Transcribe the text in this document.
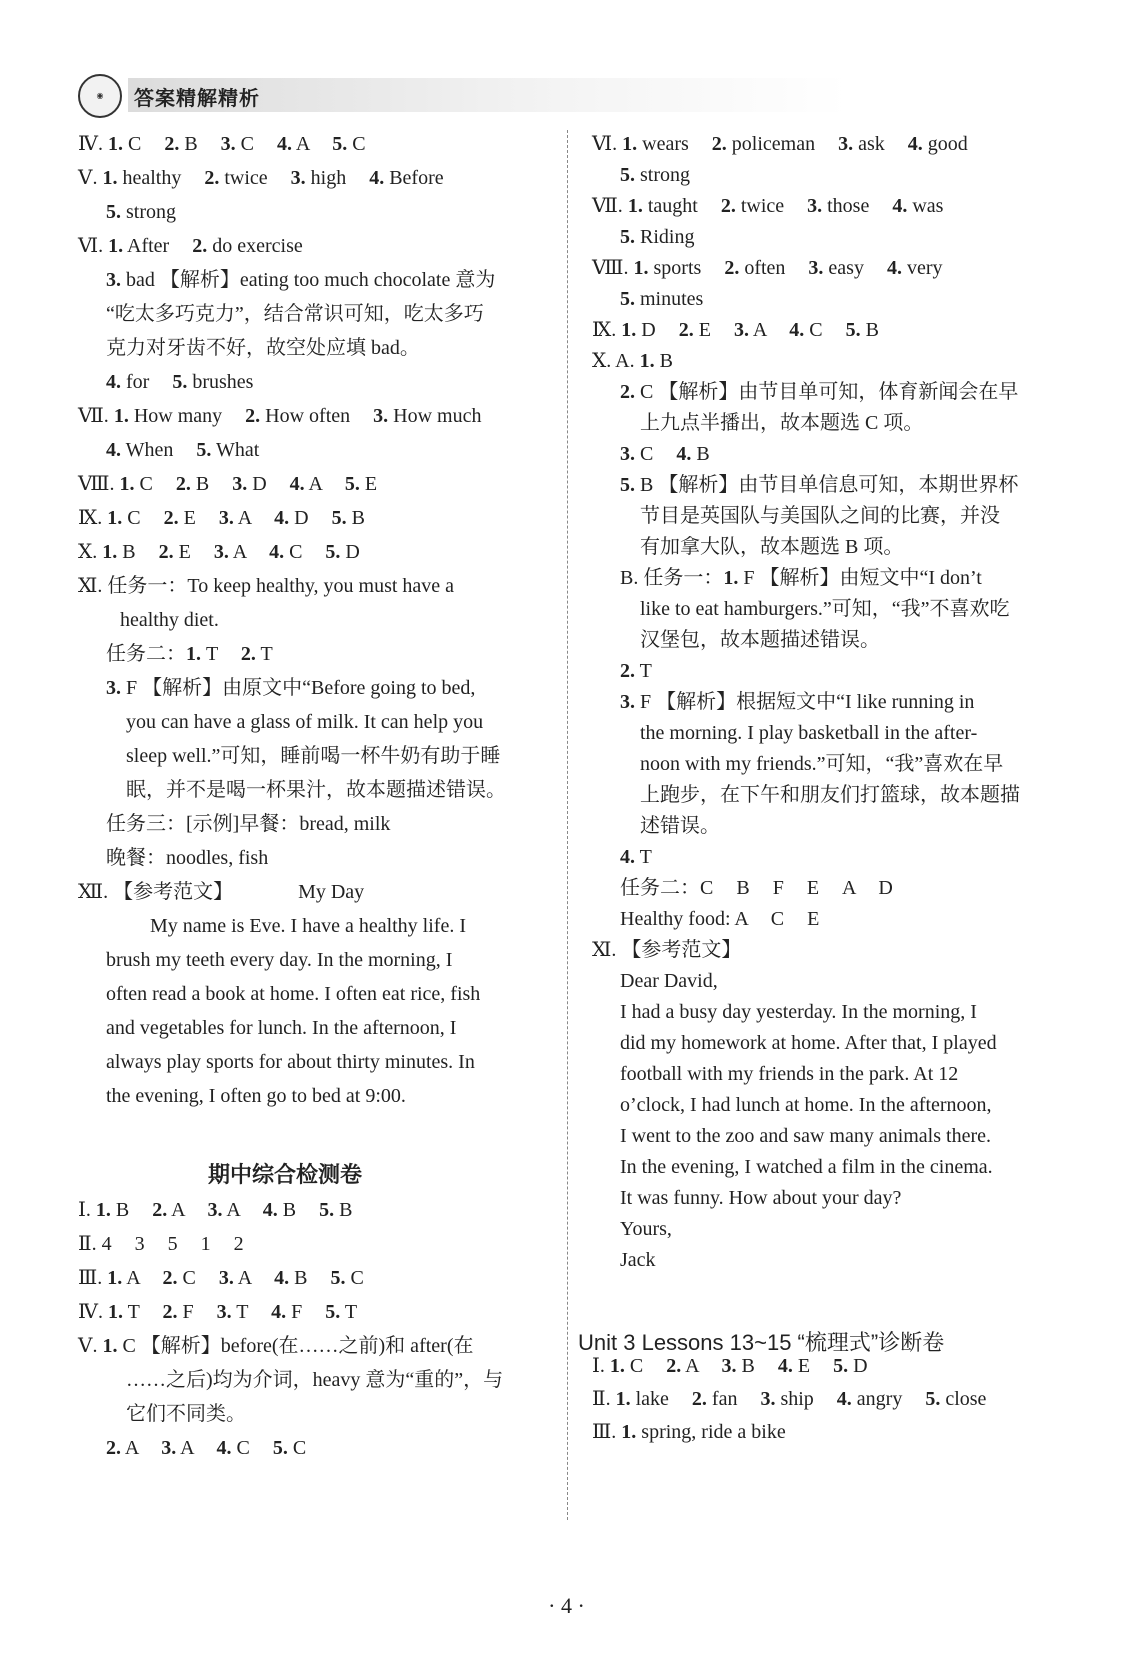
◉	答案精解精析
期中综合检测卷
Ⅳ. 1. C 2. B 3. C 4. A 5. C
Ⅴ. 1. healthy 2. twice 3. high 4. Before
5. strong
Ⅵ. 1. After 2. do exercise
3. bad 【解析】eating too much chocolate 意为
“吃太多巧克力”，结合常识可知，吃太多巧
克力对牙齿不好，故空处应填 bad。
4. for 5. brushes
Ⅶ. 1. How many 2. How often 3. How much
4. When 5. What
Ⅷ. 1. C 2. B 3. D 4. A 5. E
Ⅸ. 1. C 2. E 3. A 4. D 5. B
Ⅹ. 1. B 2. E 3. A 4. C 5. D
Ⅺ. 任务一：To keep healthy, you must have a
healthy diet.
任务二：1. T 2. T
3. F 【解析】由原文中“Before going to bed,
you can have a glass of milk. It can help you
sleep well.”可知，睡前喝一杯牛奶有助于睡
眠，并不是喝一杯果汁，故本题描述错误。
任务三：[示例]早餐：bread, milk
晚餐：noodles, fish
Ⅻ. 【参考范文】	My Day
My name is Eve. I have a healthy life. I
brush my teeth every day. In the morning, I
often read a book at home. I often eat rice, fish
and vegetables for lunch. In the afternoon, I
always play sports for about thirty minutes. In
the evening, I often go to bed at 9:00.
Ⅰ. 1. B 2. A 3. A 4. B 5. B
Ⅱ. 4 3 5 1 2
Ⅲ. 1. A 2. C 3. A 4. B 5. C
Ⅳ. 1. T 2. F 3. T 4. F 5. T
Ⅴ. 1. C 【解析】before(在……之前)和 after(在
……之后)均为介词，heavy 意为“重的”，与
它们不同类。
2. A 3. A 4. C 5. C
Unit 3 Lessons 13~15 “梳理式”诊断卷
Ⅵ. 1. wears 2. policeman 3. ask 4. good
5. strong
Ⅶ. 1. taught 2. twice 3. those 4. was
5. Riding
Ⅷ. 1. sports 2. often 3. easy 4. very
5. minutes
Ⅸ. 1. D 2. E 3. A 4. C 5. B
Ⅹ. A. 1. B
2. C 【解析】由节目单可知，体育新闻会在早
上九点半播出，故本题选 C 项。
3. C 4. B
5. B 【解析】由节目单信息可知，本期世界杯
节目是英国队与美国队之间的比赛，并没
有加拿大队，故本题选 B 项。
B. 任务一：1. F 【解析】由短文中“I don’t
like to eat hamburgers.”可知，“我”不喜欢吃
汉堡包，故本题描述错误。
2. T
3. F 【解析】根据短文中“I like running in
the morning. I play basketball in the after-
noon with my friends.”可知，“我”喜欢在早
上跑步，在下午和朋友们打篮球，故本题描
述错误。
4. T
任务二：C B F E A D
Healthy food: A C E
Ⅺ. 【参考范文】
Dear David,
I had a busy day yesterday. In the morning, I
did my homework at home. After that, I played
football with my friends in the park. At 12
o’clock, I had lunch at home. In the afternoon,
I went to the zoo and saw many animals there.
In the evening, I watched a film in the cinema.
It was funny. How about your day?
Yours,
Jack
Ⅰ. 1. C 2. A 3. B 4. E 5. D
Ⅱ. 1. lake 2. fan 3. ship 4. angry 5. close
Ⅲ. 1. spring, ride a bike
· 4 ·
